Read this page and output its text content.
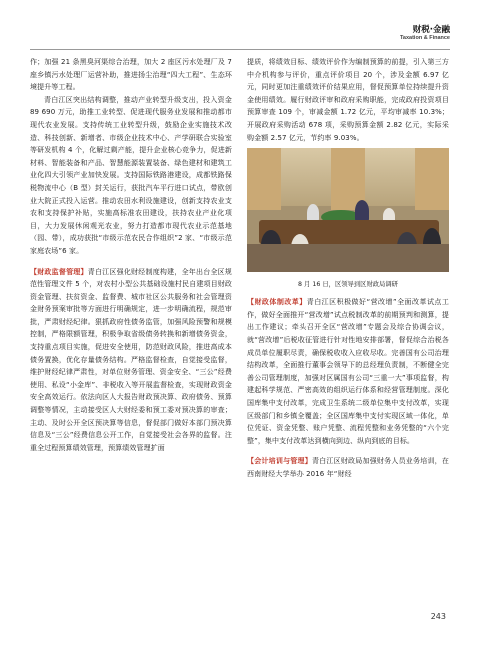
财税·金融
Taxation & Finance

作；加强 21 条黑臭河渠综合治理，加大 2 座区污水处理厂及 7 座乡镇污水处理厂运营补助，推进扬尘治理“四大工程”、生态环境提升等工程。

青白江区突出结构调整，推动产业转型升级支出，投入资金 89 690 万元，助推工业转型、促进现代服务业发展和推动都市现代农业发展。支持传统工业转型升级，鼓励企业实施技术改造、科技创新、新增者、市级企业技术中心、产学研联合实验室等研发机构 4 个，化解过剩产能，提升企业核心竞争力，促进新材料、智能装备和产品、智慧能源装置装备、绿色建材和建筑工业化四大引领产业加快发展。支持国际铁路港建设，成都铁路保税物流中心（B 型）封关运行，获批汽车平行进口试点，带欧创业大院正式投入运营。推动农田水利设施建设，创新支持农业支农和支持保护补贴，实施高标准农田建设，扶持农业产业化项目，大力发展休闲观光农业，努力打造都市现代农业示范基地（园、带），成功获批“市级示范农民合作组织”2 家、“市级示范家庭农场”6 家。

【财政监督管理】青白江区强化财经制度构建，全年出台全区规范性管理文件 5 个，对农村小型公共基础设施村民自建项目财政资金管理、扶贫资金、监督费、城市社区公共服务和社会管理资金财务预案审批等方面进行明确规定，进一步明确流程，规范审批，严肃财经纪律。狠抓政府性债务监管，加强风险预警和规模控制，严格限额管理，积极争取省级债务转换和新增债务资金，支持重点项目实施，促进安全使用，防范财政风险，推进高成本债务置换，优化存量债务结构。严格监督检查，自觉接受监督，维护财经纪律严肃性，对单位财务管理、资金安全、“三公”经费使用、私设“小金库”、非税收入等开展监督检查，实现财政资金安全高效运行。依法向区人大报告财政预决算、政府债务、预算调整等情况，主动接受区人大财经委和预工委对预决算的审查；主动、及时公开全区预决算等信息，督促部门做好本部门预决算信息及“三公”经费信息公开工作，自觉接受社会各界的监督。注重全过程预算绩效管理，预算绩效管理扩面

提质，将绩效目标、绩效评价作为编制预算的前提，引入第三方中介机构参与评价，重点评价项目 20 个，涉及金额 6.97 亿元，同时更加注重绩效评价结果应用，督促预算单位持续提升资金使用绩效。履行财政评审和政府采购职能，完成政府投资项目预算审查 109 个，审减金额 1.72 亿元，平均审减率 10.3%；开展政府采购活动 678 项，采购预算金额 2.82 亿元，实际采购金额 2.57 亿元，节约率 9.03%。

8 月 16 日，区领导到区财政局调研

【财政体制改革】青白江区积极做好“营改增”全面改革试点工作，做好全面推开“营改增”试点税制改革的前期预判和测算，提出工作建议；牵头召开全区“营改增”专题会及综合协调会议，就“营改增”后税收征管进行针对性地安排部署，督促综合治税各成员单位履职尽责，确保税收收入应收尽收。完善国有公司治理结构改革，全面推行董事会领导下的总经理负责制，不断健全完善公司管理制度，加强对区属国有公司“三重一大”事项监督，构建起科学规范、严密高效的组织运行体系和经营管理制度。深化国库集中支付改革，完成卫生系统二级单位集中支付改革，实现区级部门和乡镇全覆盖；全区国库集中支付实现区域一体化，单位凭证、资金凭整、账户凭整、流程凭整和业务凭整的“六个完整”，集中支付改革达到横向到边、纵向到底的目标。

【会计培训与管理】青白江区财政局加强财务人员业务培训，在西南财经大学举办 2016 年“财经

243
